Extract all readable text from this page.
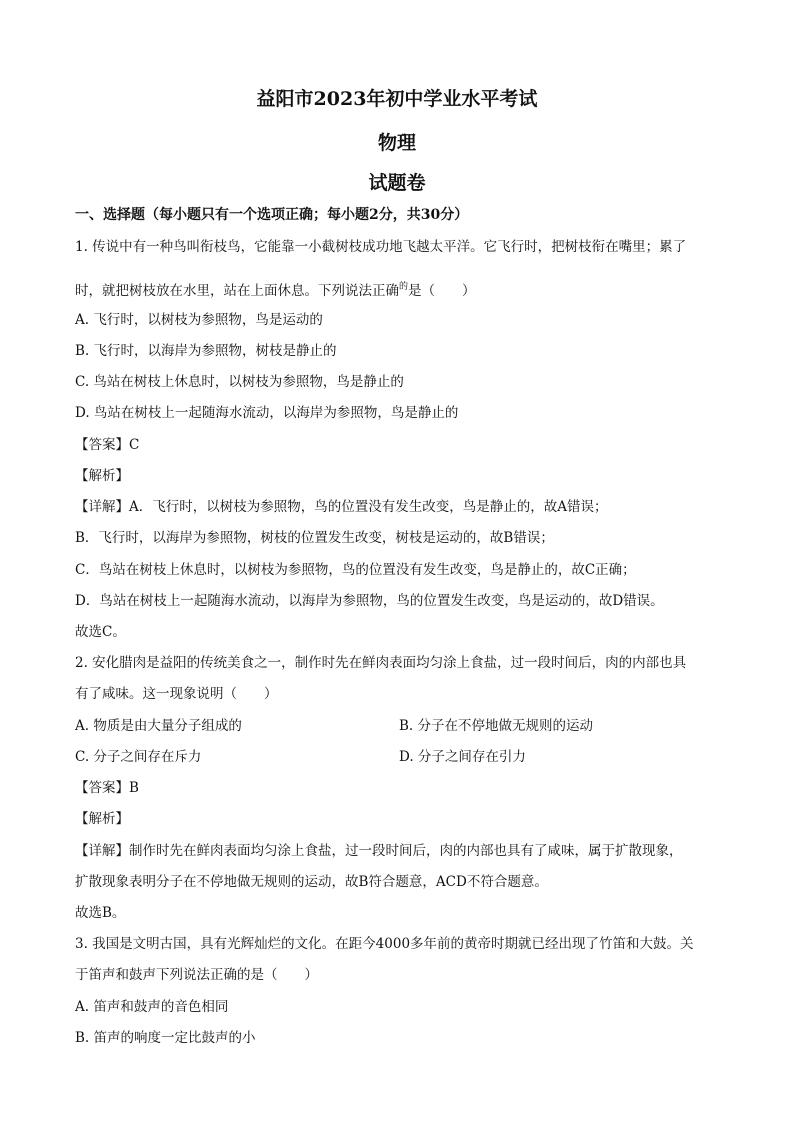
益阳市2023年初中学业水平考试
物理
试题卷
一、选择题（每小题只有一个选项正确；每小题2分，共30分）
1. 传说中有一种鸟叫衔枝鸟，它能靠一小截树枝成功地飞越太平洋。它飞行时，把树枝衔在嘴里；累了
时，就把树枝放在水里，站在上面休息。下列说法正确$^的$是（　　）
A. 飞行时，以树枝为参照物，鸟是运动的
B. 飞行时，以海岸为参照物，树枝是静止的
C. 鸟站在树枝上休息时，以树枝为参照物，鸟是静止的
D. 鸟站在树枝上一起随海水流动，以海岸为参照物，鸟是静止的
【答案】C
【解析】
【详解】A．飞行时，以树枝为参照物，鸟的位置没有发生改变，鸟是静止的，故A错误；
B．飞行时，以海岸为参照物，树枝的位置发生改变，树枝是运动的，故B错误；
C．鸟站在树枝上休息时，以树枝为参照物，鸟的位置没有发生改变，鸟是静止的，故C正确；
D．鸟站在树枝上一起随海水流动，以海岸为参照物，鸟的位置发生改变，鸟是运动的，故D错误。
故选C。
2. 安化腊肉是益阳的传统美食之一，制作时先在鲜肉表面均匀涂上食盐，过一段时间后，肉的内部也具
有了咸味。这一现象说明（　　）
A. 物质是由大量分子组成的	B. 分子在不停地做无规则的运动
C. 分子之间存在斥力	D. 分子之间存在引力
【答案】B
【解析】
【详解】制作时先在鲜肉表面均匀涂上食盐，过一段时间后，肉的内部也具有了咸味，属于扩散现象，
扩散现象表明分子在不停地做无规则的运动，故B符合题意，ACD不符合题意。
故选B。
3. 我国是文明古国，具有光辉灿烂的文化。在距今4000多年前的黄帝时期就已经出现了竹笛和大鼓。关
于笛声和鼓声下列说法正确的是（　　）
A. 笛声和鼓声的音色相同
B. 笛声的响度一定比鼓声的小
